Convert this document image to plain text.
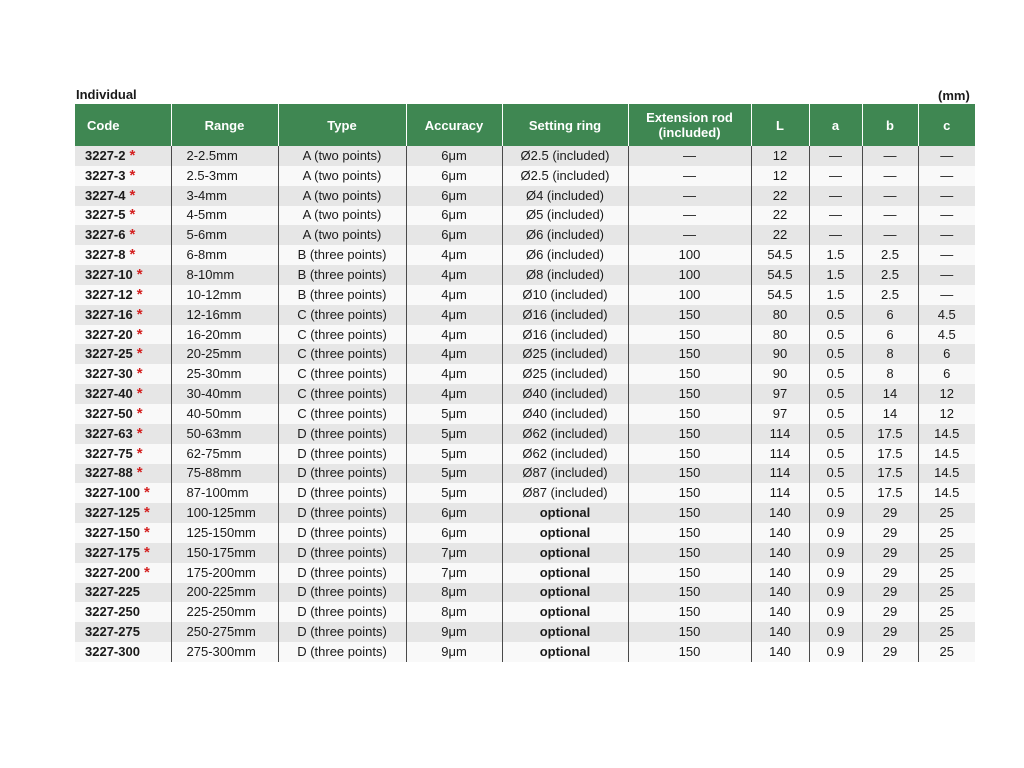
Individual	(mm)
Code	Range	Type	Accuracy	Setting ring	Extension rod (included)	L	a	b	c
3227-2 *	2-2.5mm	A (two points)	6μm	Ø2.5 (included)	—	12	—	—	—
3227-3 *	2.5-3mm	A (two points)	6μm	Ø2.5 (included)	—	12	—	—	—
3227-4 *	3-4mm	A (two points)	6μm	Ø4 (included)	—	22	—	—	—
3227-5 *	4-5mm	A (two points)	6μm	Ø5 (included)	—	22	—	—	—
3227-6 *	5-6mm	A (two points)	6μm	Ø6 (included)	—	22	—	—	—
3227-8 *	6-8mm	B (three points)	4μm	Ø6 (included)	100	54.5	1.5	2.5	—
3227-10 *	8-10mm	B (three points)	4μm	Ø8 (included)	100	54.5	1.5	2.5	—
3227-12 *	10-12mm	B (three points)	4μm	Ø10 (included)	100	54.5	1.5	2.5	—
3227-16 *	12-16mm	C (three points)	4μm	Ø16 (included)	150	80	0.5	6	4.5
3227-20 *	16-20mm	C (three points)	4μm	Ø16 (included)	150	80	0.5	6	4.5
3227-25 *	20-25mm	C (three points)	4μm	Ø25 (included)	150	90	0.5	8	6
3227-30 *	25-30mm	C (three points)	4μm	Ø25 (included)	150	90	0.5	8	6
3227-40 *	30-40mm	C (three points)	4μm	Ø40 (included)	150	97	0.5	14	12
3227-50 *	40-50mm	C (three points)	5μm	Ø40 (included)	150	97	0.5	14	12
3227-63 *	50-63mm	D (three points)	5μm	Ø62 (included)	150	114	0.5	17.5	14.5
3227-75 *	62-75mm	D (three points)	5μm	Ø62 (included)	150	114	0.5	17.5	14.5
3227-88 *	75-88mm	D (three points)	5μm	Ø87 (included)	150	114	0.5	17.5	14.5
3227-100 *	87-100mm	D (three points)	5μm	Ø87 (included)	150	114	0.5	17.5	14.5
3227-125 *	100-125mm	D (three points)	6μm	optional	150	140	0.9	29	25
3227-150 *	125-150mm	D (three points)	6μm	optional	150	140	0.9	29	25
3227-175 *	150-175mm	D (three points)	7μm	optional	150	140	0.9	29	25
3227-200 *	175-200mm	D (three points)	7μm	optional	150	140	0.9	29	25
3227-225	200-225mm	D (three points)	8μm	optional	150	140	0.9	29	25
3227-250	225-250mm	D (three points)	8μm	optional	150	140	0.9	29	25
3227-275	250-275mm	D (three points)	9μm	optional	150	140	0.9	29	25
3227-300	275-300mm	D (three points)	9μm	optional	150	140	0.9	29	25
